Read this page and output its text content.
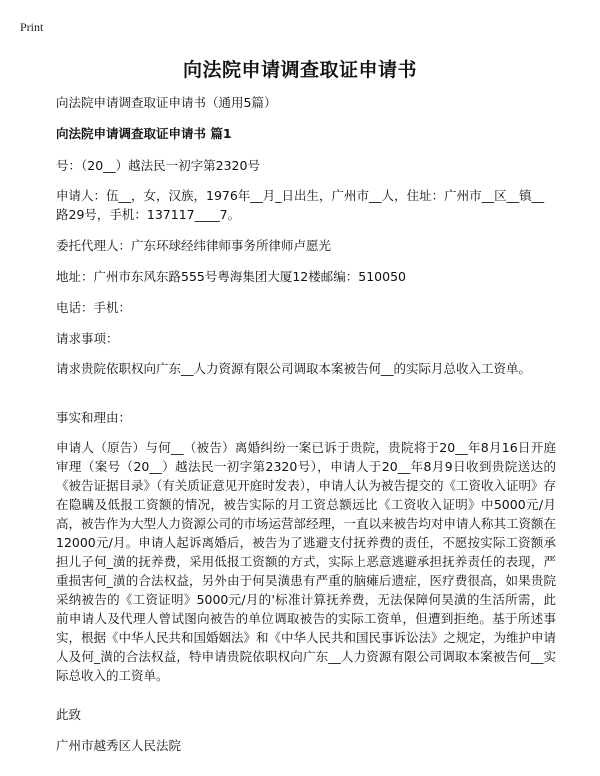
Print
向法院申请调查取证申请书

向法院申请调查取证申请书（通用5篇）

向法院申请调查取证申请书 篇1

号：（20__）越法民一初字第2320号

申请人：伍__，女，汉族，1976年__月_日出生，广州市__人，住址：广州市__区__镇__路29号，手机：137117____7。

委托代理人：广东环球经纬律师事务所律师卢愿光

地址：广州市东风东路555号粤海集团大厦12楼邮编：510050

电话：手机：

请求事项：

请求贵院依职权向广东__人力资源有限公司调取本案被告何__的实际月总收入工资单。

事实和理由：

申请人（原告）与何__（被告）离婚纠纷一案已诉于贵院，贵院将于20__年8月16日开庭审理（案号（20__）越法民一初字第2320号），申请人于20__年8月9日收到贵院送达的《被告证据目录》（有关质证意见开庭时发表），申请人认为被告提交的《工资收入证明》存在隐瞒及低报工资额的情况，被告实际的月工资总额远比《工资收入证明》中5000元/月高，被告作为大型人力资源公司的市场运营部经理，一直以来被告均对申请人称其工资额在12000元/月。申请人起诉离婚后，被告为了逃避支付抚养费的责任，不愿按实际工资额承担儿子何_潢的抚养费，采用低报工资额的方式，实际上恶意逃避承担抚养责任的表现，严重损害何_潢的合法权益，另外由于何昊潢患有严重的脑瘫后遗症，医疗费很高，如果贵院采纳被告的《工资证明》5000元/月的'标准计算抚养费，无法保障何昊潢的生活所需，此前申请人及代理人曾试图向被告的单位调取被告的实际工资单，但遭到拒绝。基于所述事实，根据《中华人民共和国婚姻法》和《中华人民共和国民事诉讼法》之规定，为维护申请人及何_潢的合法权益，特申请贵院依职权向广东__人力资源有限公司调取本案被告何__实际总收入的工资单。

此致

广州市越秀区人民法院
